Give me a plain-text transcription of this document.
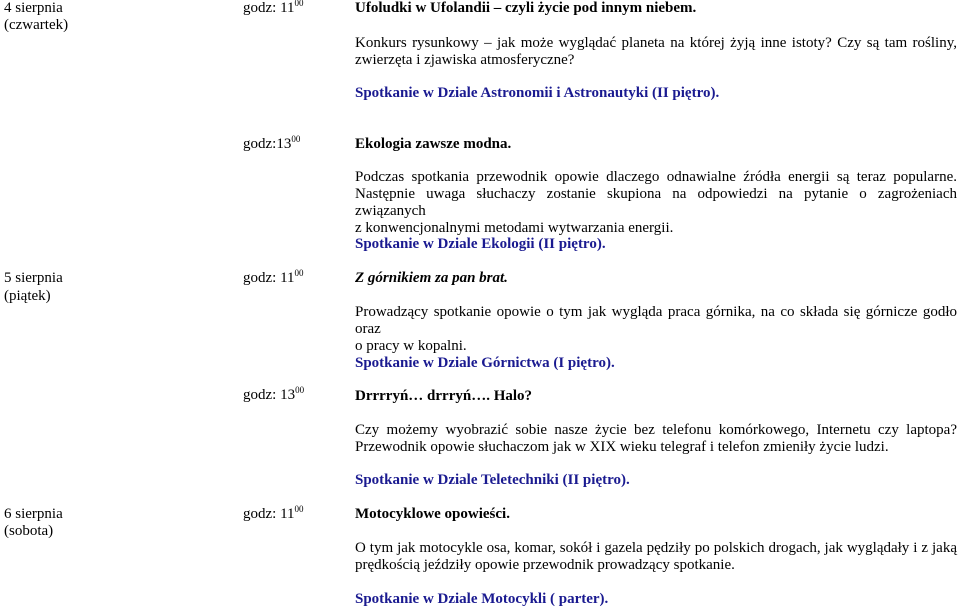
4 sierpnia
(czwartek)
godz: $11^{00}$	Ufoludki w Ufolandii – czyli życie pod innym niebem.

Konkurs rysunkowy – jak może wyglądać planeta na której żyją inne istoty? Czy są tam rośliny,

zwierzęta i zjawiska atmosferyczne?

Spotkanie w Dziale Astronomii i Astronautyki (II piętro).
$godz:13^{00}$	Ekologia zawsze modna.

Podczas spotkania przewodnik opowie dlaczego odnawialne źródła energii są teraz popularne.

Następnie uwaga słuchaczy zostanie skupiona na odpowiedzi na pytanie o zagrożeniach związanych

z konwencjonalnymi metodami wytwarzania energii.

Spotkanie w Dziale Ekologii (II piętro).
5 sierpnia
(piątek)
godz: $11^{00}$	Z górnikiem za pan brat.

Prowadzący spotkanie opowie o tym jak wygląda praca górnika, na co składa się górnicze godło oraz

o pracy w kopalni.

Spotkanie w Dziale Górnictwa (I piętro).
godz: $13^{00}$	Drrrryń… drrryń…. Halo?

Czy możemy wyobrazić sobie nasze życie bez telefonu komórkowego, Internetu czy laptopa?

Przewodnik opowie słuchaczom jak w XIX wieku telegraf i telefon zmieniły życie ludzi.

Spotkanie w Dziale Teletechniki (II piętro).
6 sierpnia
(sobota)
godz: $11^{00}$	Motocyklowe opowieści.

O tym jak motocykle osa, komar, sokół i gazela pędziły po polskich drogach, jak wyglądały i z jaką

prędkością jeździły opowie przewodnik prowadzący spotkanie.

Spotkanie w Dziale Motocykli ( parter).
